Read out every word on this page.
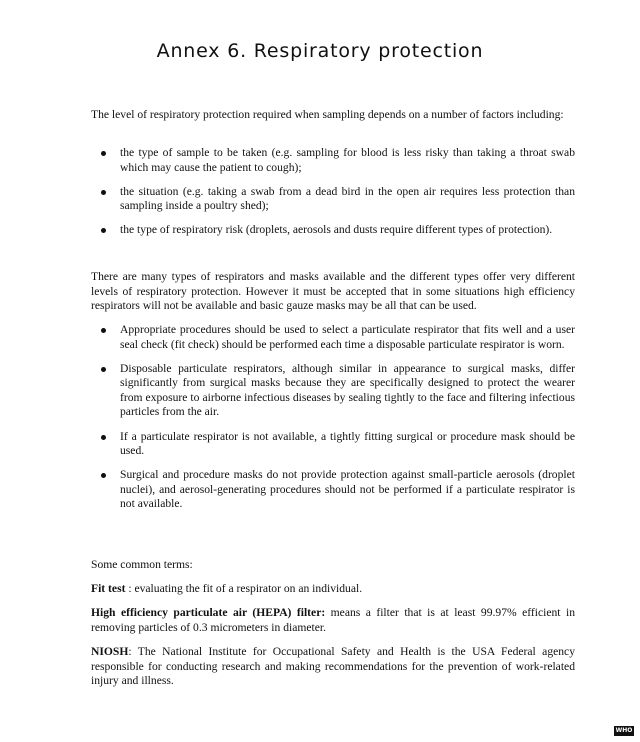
Annex 6. Respiratory protection
The level of respiratory protection required when sampling depends on a number of factors including:
the type of sample to be taken (e.g. sampling for blood is less risky than taking a throat swab which may cause the patient to cough);
the situation (e.g. taking a swab from a dead bird in the open air requires less protection than sampling inside a poultry shed);
the type of respiratory risk (droplets, aerosols and dusts require different types of protection).
There are many types of respirators and masks available and the different types offer very different levels of respiratory protection. However it must be accepted that in some situations high efficiency respirators will not be available and basic gauze masks may be all that can be used.
Appropriate procedures should be used to select a particulate respirator that fits well and a user seal check (fit check) should be performed each time a disposable particulate respirator is worn.
Disposable particulate respirators, although similar in appearance to surgical masks, differ significantly from surgical masks because they are specifically designed to protect the wearer from exposure to airborne infectious diseases by sealing tightly to the face and filtering infectious particles from the air.
If a particulate respirator is not available, a tightly fitting surgical or procedure mask should be used.
Surgical and procedure masks do not provide protection against small-particle aerosols (droplet nuclei), and aerosol-generating procedures should not be performed if a particulate respirator is not available.
Some common terms:
Fit test : evaluating the fit of a respirator on an individual.
High efficiency particulate air (HEPA) filter: means a filter that is at least 99.97% efficient in removing particles of 0.3 micrometers in diameter.
NIOSH: The National Institute for Occupational Safety and Health is the USA Federal agency responsible for conducting research and making recommendations for the prevention of work-related injury and illness.
WHO
